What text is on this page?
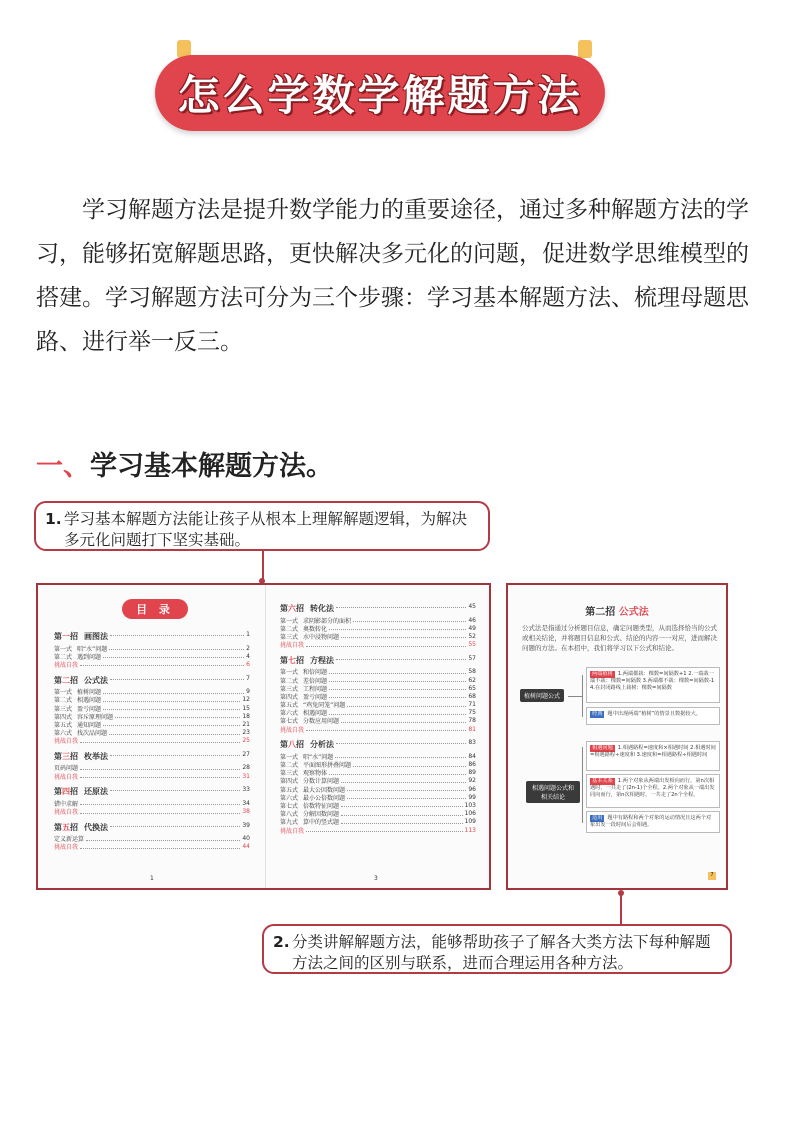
怎么学数学解题方法

学习解题方法是提升数学能力的重要途径，通过多种解题方法的学习，能够拓宽解题思路，更快解决多元化的问题，促进数学思维模型的搭建。学习解题方法可分为三个步骤：学习基本解题方法、梳理母题思路、进行举一反三。

一、学习基本解题方法。
1. 学习基本解题方法能让孩子从根本上理解解题逻辑，为解决多元化问题打下坚实基础。
目 录
第 一 招 画图法	1
第一式 唱“水”问题	2
第二式 遇到问题	4
挑战自我	6
第 二 招 公式法	7
第一式 植树问题	9
第二式 相遇问题	12
第三式 盈亏问题	15
第四式 容斥原理问题	18
第五式 通知问题	21
第六式 找次品问题	23
挑战自我	25
第 三 招 枚举法	27
页码问题	28
挑战自我	31
第 四 招 还原法	33
错中求解	34
挑战自我	38
第 五 招 代换法	39
定义新运算	40
挑战自我	44
第 六 招 转化法	45
第一式 求阴影部分的面积	46
第二式 奥数转化	49
第三式 水中浸物问题	52
挑战自我	55
第 七 招 方程法	57
第一式 和倍问题	58
第二式 差倍问题	62
第三式 工程问题	65
第四式 盈亏问题	68
第五式 “鸡兔同笼”问题	71
第六式 相遇问题	75
第七式 分数应用问题	78
挑战自我	81
第 八 招 分析法	83
第一式 唱“水”问题	84
第二式 平面图形拼叠问题	86
第三式 观察物体	89
第四式 分数计算问题	92
第五式 最大公因数问题	96
第六式 最小公倍数问题	99
第七式 倍数特征问题	103
第八式 分解因数问题	106
第九式 算中的竖式题	109
挑战自我	113
1	3
第二招 公式法
公式法是指通过分析题目信息，确定问题类型，从而选择恰当的公式或相关结论，并将题目信息和公式、结论的内容一一对应，进而解决问题的方法。在本招中，我们将学习以下公式和结论。
植树问题公式
两端植树 1.两端都栽：棵数=间隔数+1 2.一端栽一端不栽：棵数=间隔数 3.两端都不栽：棵数=间隔数-1 4.在封闭路线上栽树：棵数=间隔数
经典 题中出现两端“植树”的情景且数据较大。
相遇问题公式和相关结论
相遇问题 1.相遇路程=速度和×相遇时间 2.相遇时间=相遇路程÷速度和 3.速度和=相遇路程÷相遇时间
基本关系 1.两个对象从两端出发相向而行，第n次相遇时，一共走了(2n-1)个全程。2.两个对象从一端出发同向而行，第n次相遇时，一共走了2n个全程。
适用 题中有路程和两个对象的运动情况且这两个对象出发一段时间后会相遇。
7
2. 分类讲解解题方法，能够帮助孩子了解各大类方法下每种解题方法之间的区别与联系，进而合理运用各种方法。
